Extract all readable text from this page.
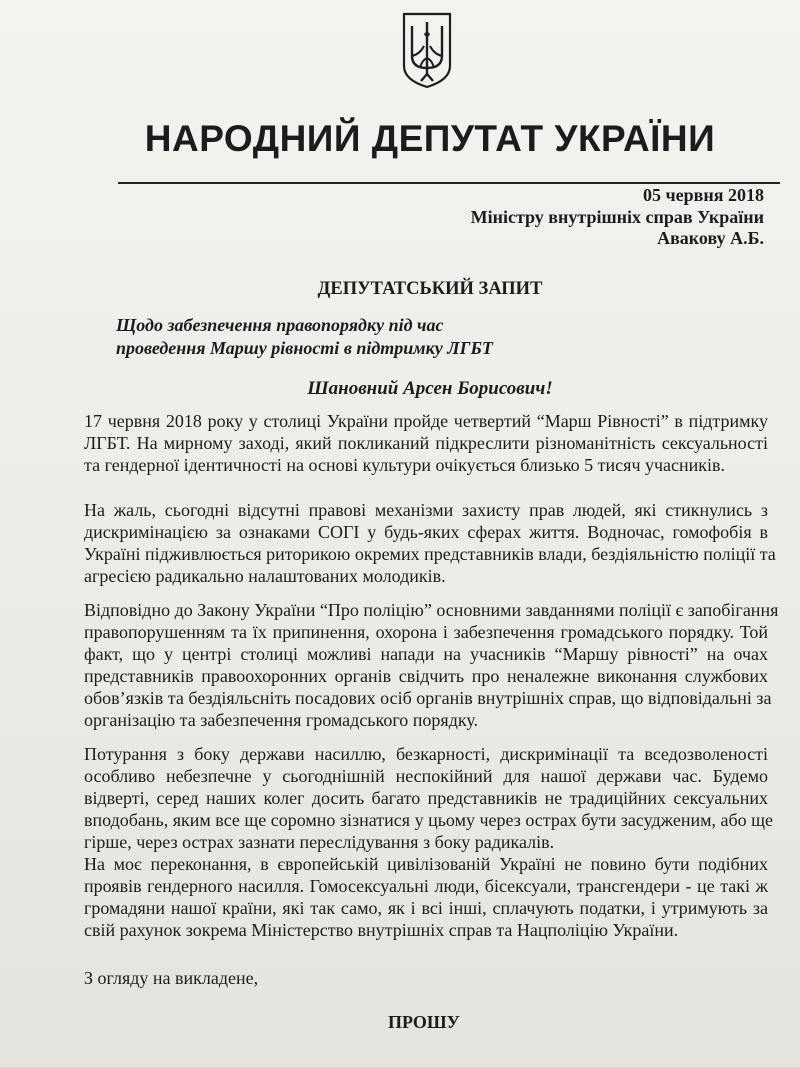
НАРОДНИЙ ДЕПУТАТ УКРАЇНИ
05 червня 2018
Міністру внутрішніх справ України
Авакову А.Б.
ДЕПУТАТСЬКИЙ ЗАПИТ
Щодо забезпечення правопорядку під час
проведення Маршу рівності в підтримку ЛГБТ
Шановний Арсен Борисович!
17 червня 2018 року у столиці України пройде четвертий “Марш Рівності” в підтримку
ЛГБТ. На мирному заході, який покликаний підкреслити різноманітність сексуальності
та гендерної ідентичності на основі культури очікується близько 5 тисяч учасників.
На жаль, сьогодні відсутні правові механізми захисту прав людей, які стикнулись з
дискримінацією за ознаками СОГІ у будь-яких сферах життя. Водночас, гомофобія в
Україні підживлюється риторикою окремих представників влади, бездіяльністю поліції та
агресією радикально налаштованих молодиків.
Відповідно до Закону України “Про поліцію” основними завданнями поліції є запобігання
правопорушенням та їх припинення, охорона і забезпечення громадського порядку. Той
факт, що у центрі столиці можливі напади на учасників “Маршу рівності” на очах
представників правоохоронних органів свідчить про неналежне виконання службових
обов’язків та бездіяльсніть посадових осіб органів внутрішніх справ, що відповідальні за
організацію та забезпечення громадського порядку.
Потурання з боку держави насиллю, безкарності, дискримінації та вседозволеності
особливо небезпечне у сьогоднішній неспокійний для нашої держави час. Будемо
відверті, серед наших колег досить багато представників не традиційних сексуальних
вподобань, яким все ще соромно зізнатися у цьому через острах бути засудженим, або ще
гірше, через острах зазнати переслідування з боку радикалів.
На моє переконання, в європейській цивілізованій Україні не повино бути подібних
проявів гендерного насилля. Гомосексуальні люди, бісексуали, трансгендери - це такі ж
громадяни нашої країни, які так само, як і всі інші, сплачують податки, і утримують за
свій рахунок зокрема Міністерство внутрішніх справ та Нацполіцію України.
З огляду на викладене,
ПРОШУ
